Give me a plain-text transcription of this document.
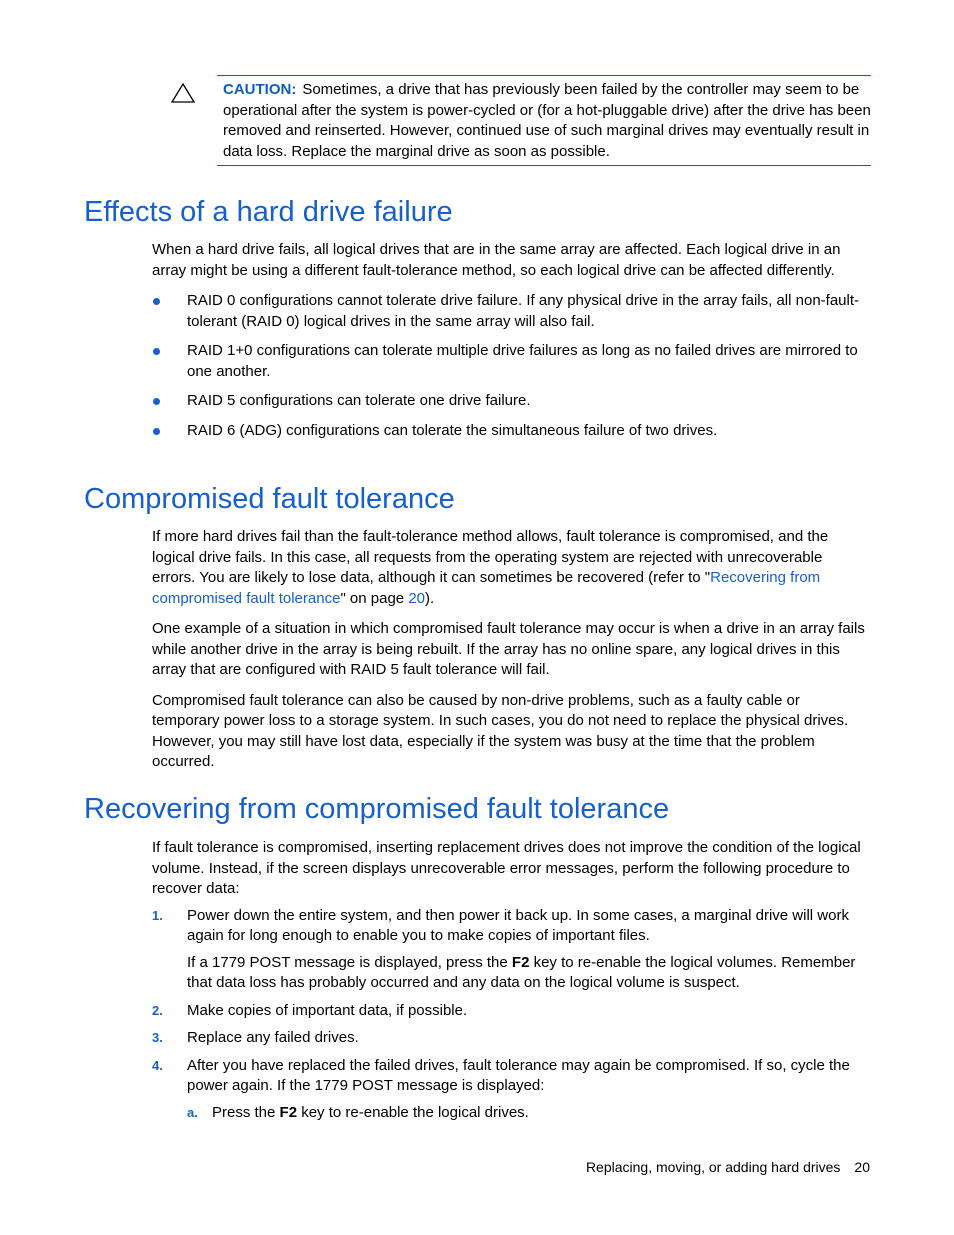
CAUTION: Sometimes, a drive that has previously been failed by the controller may seem to be operational after the system is power-cycled or (for a hot-pluggable drive) after the drive has been removed and reinserted. However, continued use of such marginal drives may eventually result in data loss. Replace the marginal drive as soon as possible.

Effects of a hard drive failure

When a hard drive fails, all logical drives that are in the same array are affected. Each logical drive in an array might be using a different fault-tolerance method, so each logical drive can be affected differently.

RAID 0 configurations cannot tolerate drive failure. If any physical drive in the array fails, all non-fault-tolerant (RAID 0) logical drives in the same array will also fail.
RAID 1+0 configurations can tolerate multiple drive failures as long as no failed drives are mirrored to one another.
RAID 5 configurations can tolerate one drive failure.
RAID 6 (ADG) configurations can tolerate the simultaneous failure of two drives.
Compromised fault tolerance

If more hard drives fail than the fault-tolerance method allows, fault tolerance is compromised, and the logical drive fails. In this case, all requests from the operating system are rejected with unrecoverable errors. You are likely to lose data, although it can sometimes be recovered (refer to "Recovering from compromised fault tolerance" on page 20).

One example of a situation in which compromised fault tolerance may occur is when a drive in an array fails while another drive in the array is being rebuilt. If the array has no online spare, any logical drives in this array that are configured with RAID 5 fault tolerance will fail.

Compromised fault tolerance can also be caused by non-drive problems, such as a faulty cable or temporary power loss to a storage system. In such cases, you do not need to replace the physical drives. However, you may still have lost data, especially if the system was busy at the time that the problem occurred.

Recovering from compromised fault tolerance

If fault tolerance is compromised, inserting replacement drives does not improve the condition of the logical volume. Instead, if the screen displays unrecoverable error messages, perform the following procedure to recover data:

1. Power down the entire system, and then power it back up. In some cases, a marginal drive will work again for long enough to enable you to make copies of important files.
If a 1779 POST message is displayed, press the F2 key to re-enable the logical volumes. Remember that data loss has probably occurred and any data on the logical volume is suspect.
2. Make copies of important data, if possible.
3. Replace any failed drives.
4. After you have replaced the failed drives, fault tolerance may again be compromised. If so, cycle the power again. If the 1779 POST message is displayed:
a. Press the F2 key to re-enable the logical drives.
Replacing, moving, or adding hard drives 20
